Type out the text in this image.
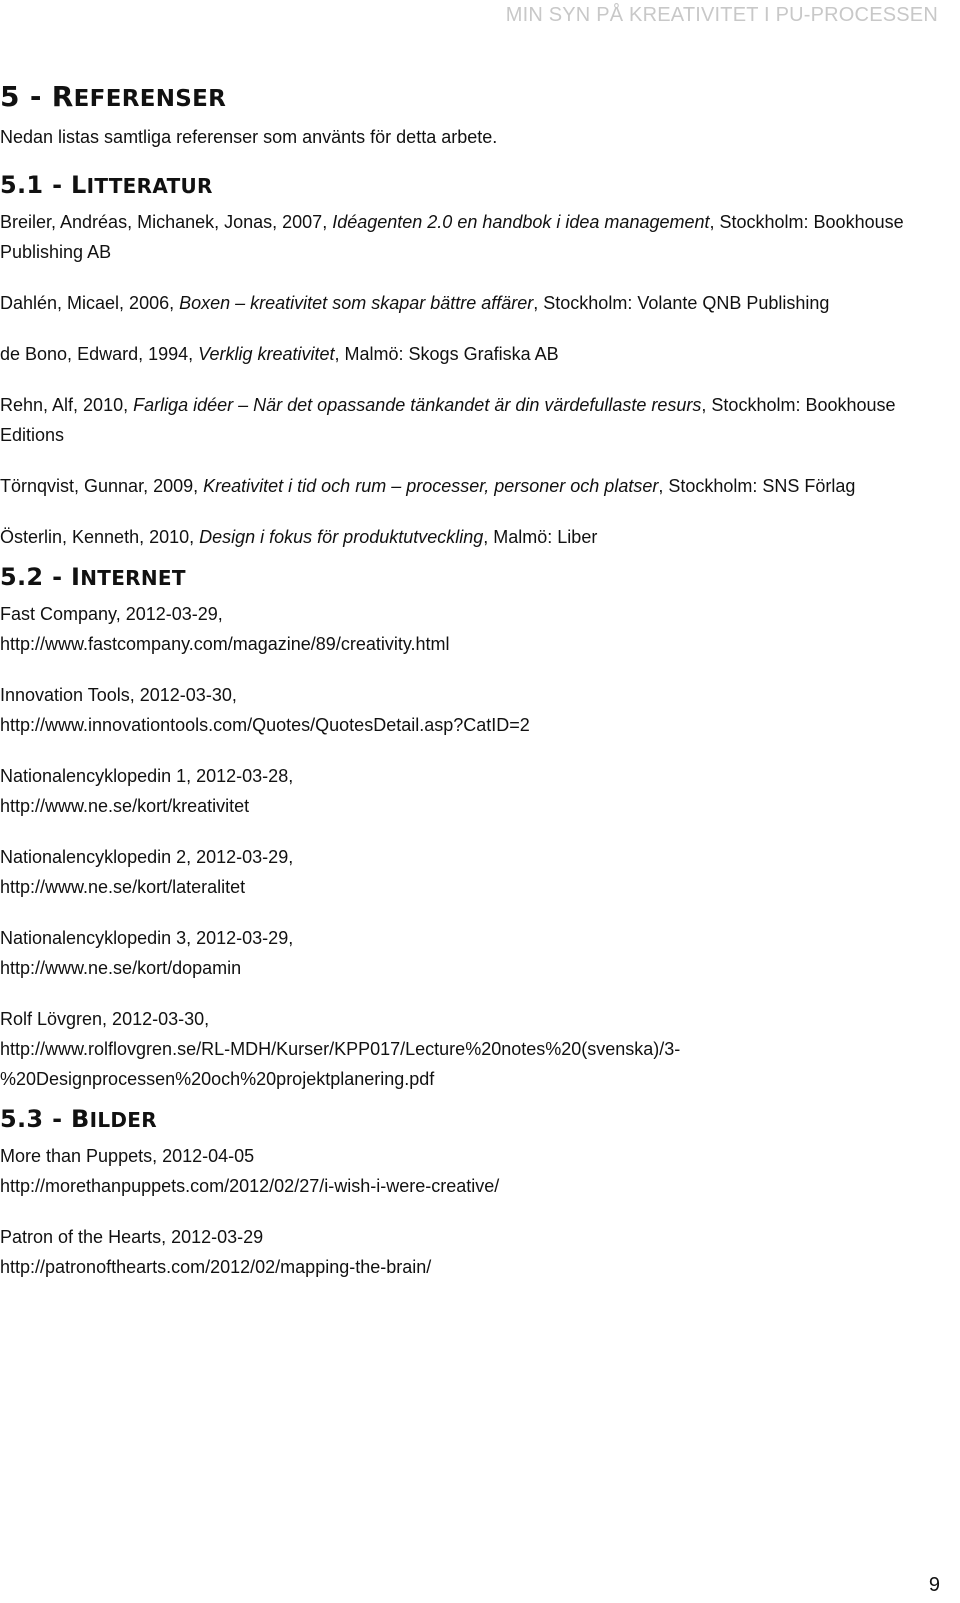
MIN SYN PÅ KREATIVITET I PU-PROCESSEN
5 - REFERENSER

Nedan listas samtliga referenser som använts för detta arbete.

5.1 - LITTERATUR

Breiler, Andréas, Michanek, Jonas, 2007, Idéagenten 2.0 en handbok i idea management, Stockholm: Bookhouse Publishing AB

Dahlén, Micael, 2006, Boxen – kreativitet som skapar bättre affärer, Stockholm: Volante QNB Publishing

de Bono, Edward, 1994, Verklig kreativitet, Malmö: Skogs Grafiska AB

Rehn, Alf, 2010, Farliga idéer – När det opassande tänkandet är din värdefullaste resurs, Stockholm: Bookhouse Editions

Törnqvist, Gunnar, 2009, Kreativitet i tid och rum – processer, personer och platser, Stockholm: SNS Förlag

Österlin, Kenneth, 2010, Design i fokus för produktutveckling, Malmö: Liber

5.2 - INTERNET

Fast Company, 2012-03-29,
http://www.fastcompany.com/magazine/89/creativity.html

Innovation Tools, 2012-03-30,
http://www.innovationtools.com/Quotes/QuotesDetail.asp?CatID=2

Nationalencyklopedin 1, 2012-03-28,
http://www.ne.se/kort/kreativitet

Nationalencyklopedin 2, 2012-03-29,
http://www.ne.se/kort/lateralitet

Nationalencyklopedin 3, 2012-03-29,
http://www.ne.se/kort/dopamin

Rolf Lövgren, 2012-03-30,
http://www.rolflovgren.se/RL-MDH/Kurser/KPP017/Lecture%20notes%20(svenska)/3-
%20Designprocessen%20och%20projektplanering.pdf

5.3 - BILDER

More than Puppets, 2012-04-05
http://morethanpuppets.com/2012/02/27/i-wish-i-were-creative/

Patron of the Hearts, 2012-03-29
http://patronofthearts.com/2012/02/mapping-the-brain/

9
